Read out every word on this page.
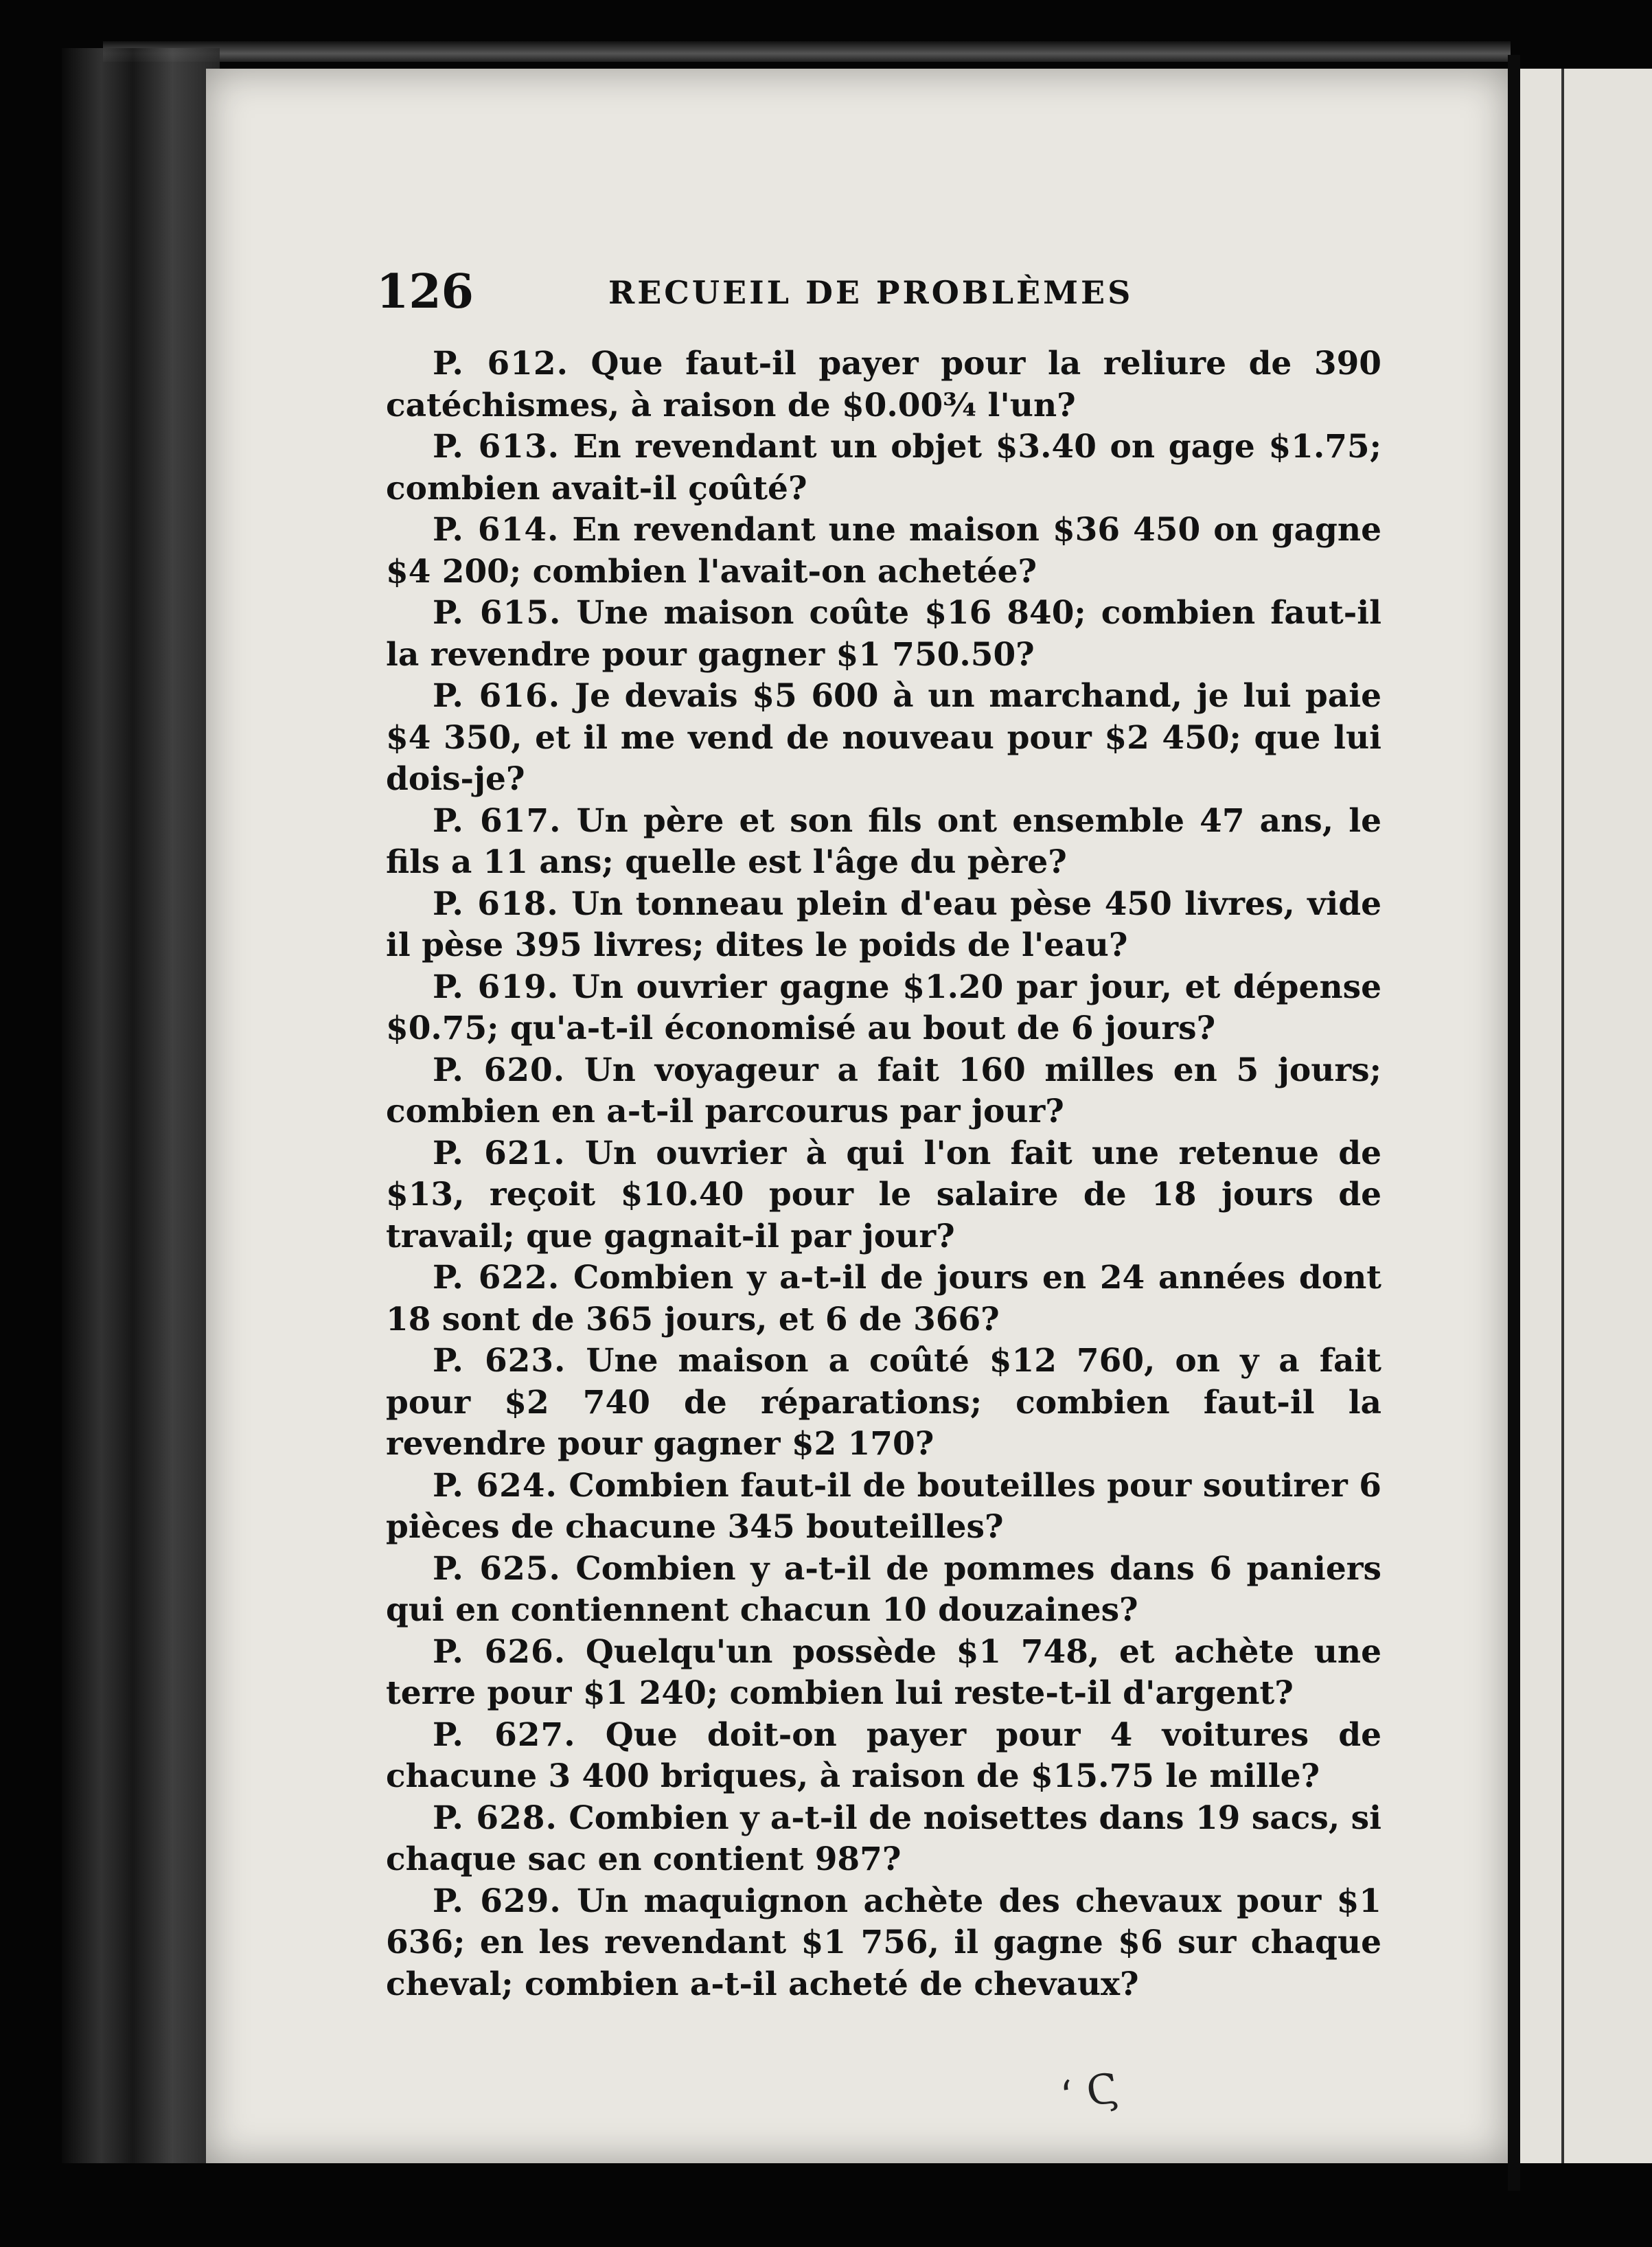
126	RECUEIL DE PROBLÈMES

P. 612. Que faut-il payer pour la reliure de 390 catéchismes, à raison de $0.00¾ l'un?

P. 613. En revendant un objet $3.40 on gage $1.75; combien avait-il çoûté?

P. 614. En revendant une maison $36 450 on gagne $4 200; combien l'avait-on achetée?

P. 615. Une maison coûte $16 840; combien faut-il la revendre pour gagner $1 750.50?

P. 616. Je devais $5 600 à un marchand, je lui paie $4 350, et il me vend de nouveau pour $2 450; que lui dois-je?

P. 617. Un père et son fils ont ensemble 47 ans, le fils a 11 ans; quelle est l'âge du père?

P. 618. Un tonneau plein d'eau pèse 450 livres, vide il pèse 395 livres; dites le poids de l'eau?

P. 619. Un ouvrier gagne $1.20 par jour, et dépense $0.75; qu'a-t-il économisé au bout de 6 jours?

P. 620. Un voyageur a fait 160 milles en 5 jours; combien en a-t-il parcourus par jour?

P. 621. Un ouvrier à qui l'on fait une retenue de $13, reçoit $10.40 pour le salaire de 18 jours de travail; que gagnait-il par jour?

P. 622. Combien y a-t-il de jours en 24 années dont 18 sont de 365 jours, et 6 de 366?

P. 623. Une maison a coûté $12 760, on y a fait pour $2 740 de réparations; combien faut-il la revendre pour gagner $2 170?

P. 624. Combien faut-il de bouteilles pour soutirer 6 pièces de chacune 345 bouteilles?

P. 625. Combien y a-t-il de pommes dans 6 paniers qui en contiennent chacun 10 douzaines?

P. 626. Quelqu'un possède $1 748, et achète une terre pour $1 240; combien lui reste-t-il d'argent?

P. 627. Que doit-on payer pour 4 voitures de chacune 3 400 briques, à raison de $15.75 le mille?

P. 628. Combien y a-t-il de noisettes dans 19 sacs, si chaque sac en contient 987?

P. 629. Un maquignon achète des chevaux pour $1 636; en les revendant $1 756, il gagne $6 sur chaque cheval; combien a-t-il acheté de chevaux?

‘ Ϛ
